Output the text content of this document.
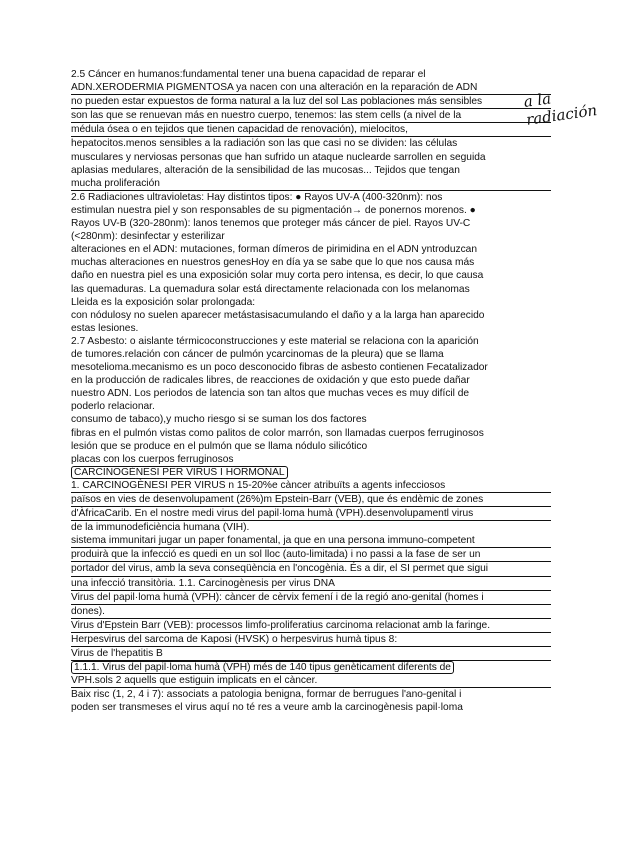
2.5 Cáncer en humanos:fundamental tener una buena capacidad de reparar el
ADN.XERODERMIA PIGMENTOSA ya nacen con una alteración en la reparación de ADN
no pueden estar expuestos de forma natural a la luz del sol Las poblaciones más sensibles
son las que se renuevan más en nuestro cuerpo, tenemos: las stem cells (a nivel de la
médula ósea o en tejidos que tienen capacidad de renovación), mielocitos,
hepatocitos.menos sensibles a la radiación son las que casi no se dividen: las células
musculares y nerviosas personas que han sufrido un ataque nuclearde sarrollen en seguida
aplasias medulares, alteración de la sensibilidad de las mucosas... Tejidos que tengan
mucha proliferación
2.6 Radiaciones ultravioletas: Hay distintos tipos: ● Rayos UV-A (400-320nm): nos
estimulan nuestra piel y son responsables de su pigmentación→ de ponernos morenos. ●
Rayos UV-B (320-280nm): lanos tenemos que proteger más cáncer de piel. Rayos UV-C
(<280nm): desinfectar y esterilizar
alteraciones en el ADN: mutaciones, forman dímeros de pirimidina en el ADN yntroduzcan
muchas alteraciones en nuestros genesHoy en día ya se sabe que lo que nos causa más
daño en nuestra piel es una exposición solar muy corta pero intensa, es decir, lo que causa
las quemaduras. La quemadura solar está directamente relacionada con los melanomas
Lleida es la exposición solar prolongada:
con nódulosy no suelen aparecer metástasisacumulando el daño y a la larga han aparecido
estas lesiones.
2.7 Asbesto: o aislante térmicoconstrucciones y este material se relaciona con la aparición
de tumores.relación con cáncer de pulmón ycarcinomas de la pleura) que se llama
mesotelioma.mecanismo es un poco desconocido fibras de asbesto contienen Fecatalizador
en la producción de radicales libres, de reacciones de oxidación y que esto puede dañar
nuestro ADN. Los periodos de latencia son tan altos que muchas veces es muy difícil de
poderlo relacionar.
consumo de tabaco),y mucho riesgo si se suman los dos factores
fibras en el pulmón vistas como palitos de color marrón, son llamadas cuerpos ferruginosos
lesión que se produce en el pulmón que se llama nódulo silicótico
placas con los cuerpos ferruginosos
CARCINOGÈNESI PER VIRUS I HORMONAL
1. CARCINOGÈNESI PER VIRUS n 15-20%e càncer atribuïts a agents infecciosos
països en vies de desenvolupament (26%)m Epstein-Barr (VEB), que és endèmic de zones
d'ÀfricaCarib. En el nostre medi virus del papil·loma humà (VPH).desenvolupamentl virus
de la immunodeficiència humana (VIH).
sistema immunitari jugar un paper fonamental, ja que en una persona immuno-competent
produirà que la infecció es quedi en un sol lloc (auto-limitada) i no passi a la fase de ser un
portador del virus, amb la seva conseqüència en l'oncogènia. És a dir, el SI permet que sigui
una infecció transitòria. 1.1. Carcinogènesis per virus DNA
Virus del papil·loma humà (VPH): càncer de cèrvix femení i de la regió ano-genital (homes i
dones).
Virus d'Epstein Barr (VEB): processos limfo-proliferatius carcinoma relacionat amb la faringe.
Herpesvirus del sarcoma de Kaposi (HVSK) o herpesvirus humà tipus 8:
Virus de l'hepatitis B
1.1.1. Virus del papil·loma humà (VPH) més de 140 tipus genèticament diferents de
VPH.sols 2 aquells que estiguin implicats en el càncer.
Baix risc (1, 2, 4 i 7): associats a patologia benigna, formar de berrugues l'ano-genital i
poden ser transmeses el virus aquí no té res a veure amb la carcinogènesis papil·loma
a la radiación
